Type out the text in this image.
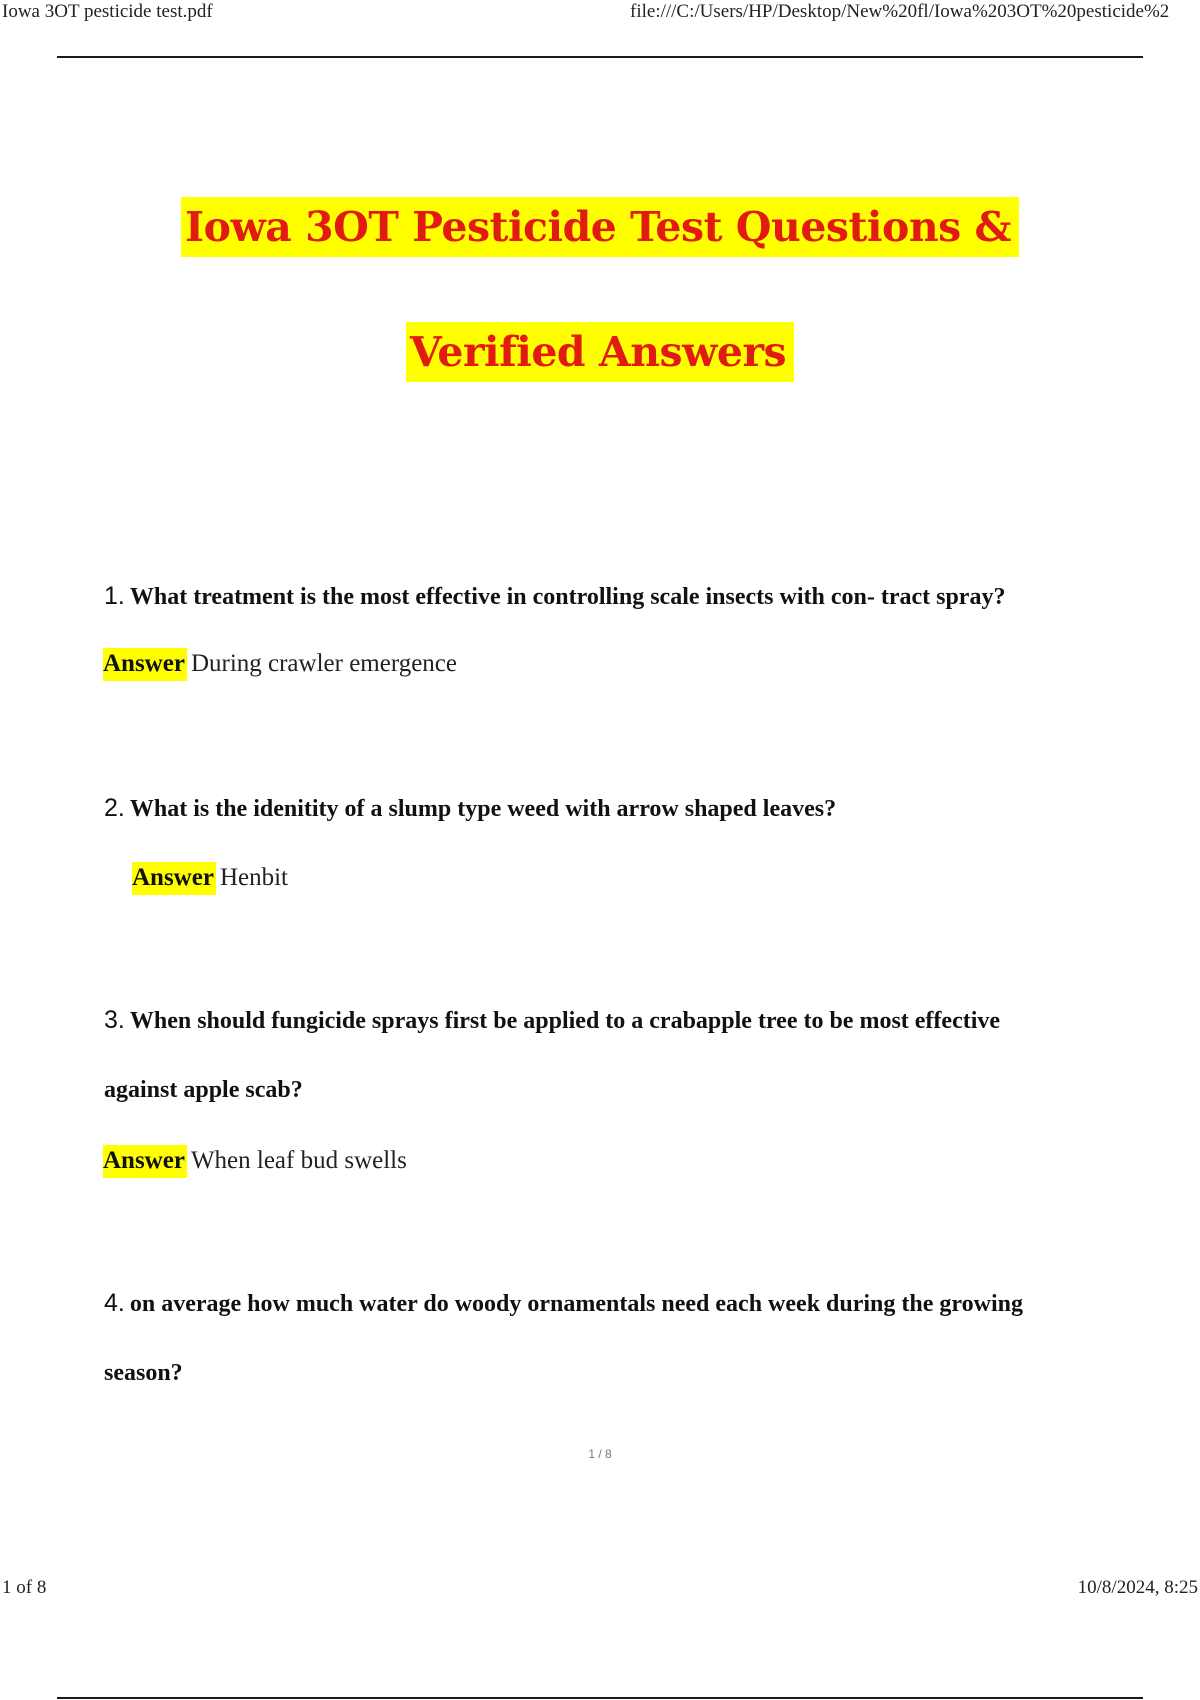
Iowa 3OT pesticide test.pdf	file:///C:/Users/HP/Desktop/New%20fl/Iowa%203OT%20pesticide%2
Iowa 3OT Pesticide Test Questions &
Verified Answers
1. What treatment is the most effective in controlling scale insects with con- tract spray?
Answer During crawler emergence
2. What is the idenitity of a slump type weed with arrow shaped leaves?
Answer Henbit
3. When should fungicide sprays first be applied to a crabapple tree to be most effective
against apple scab?
Answer When leaf bud swells
4. on average how much water do woody ornamentals need each week during the growing
season?
1 / 8
1 of 8	10/8/2024, 8:25
